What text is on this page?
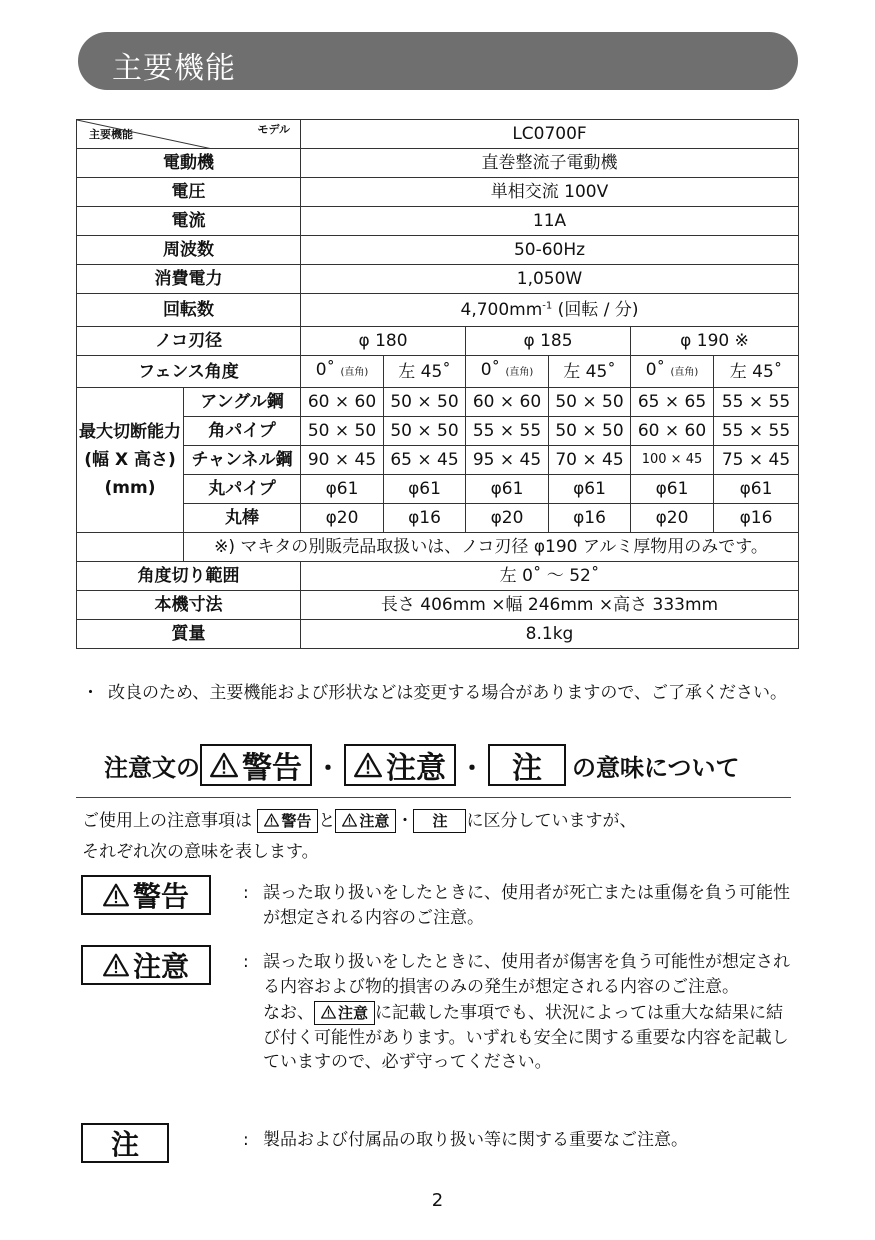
主要機能
モデル
主要機能		LC0700F					
電動機		直巻整流子電動機					
電圧		単相交流 100V					
電流		11A					
周波数		50-60Hz					
消費電力		1,050W					
回転数		$4,700mm^{-1}$ (回転 / 分)					
ノコ刃径		φ 180		φ 185		φ 190 ※	
フェンス角度		0˚ (直角)	左 45˚	0˚ (直角)	左 45˚	0˚ (直角)	左 45˚

最大切断能力
(幅 X 高さ)
(mm)	アングル鋼	60 × 60	50 × 50	60 × 60	50 × 50	65 × 65	55 × 55
	角パイプ	50 × 50	50 × 50	55 × 55	50 × 50	60 × 60	55 × 55
	チャンネル鋼	90 × 45	65 × 45	95 × 45	70 × 45	100 × 45	75 × 45
	丸パイプ	φ61	φ61	φ61	φ61	φ61	φ61
	丸棒	φ20	φ16	φ20	φ16	φ20	φ16
	※) マキタの別販売品取扱いは、ノコ刃径 φ190 アルミ厚物用のみです。						
角度切り範囲		左 0˚ 〜 52˚					
本機寸法		長さ 406mm ×幅 246mm ×高さ 333mm					
質量		8.1kg					
・ 改良のため、主要機能および形状などは変更する場合がありますので、ご了承ください。
注意文の 警告 ・ 注意 ・ 注 の意味について
ご使用上の注意事項は 警告 と 注意 ・ 注 に区分していますが、
それぞれ次の意味を表します。
警告	: 誤った取り扱いをしたときに、使用者が死亡または重傷を負う可能性が想定される内容のご注意。
注意	: 誤った取り扱いをしたときに、使用者が傷害を負う可能性が想定される内容および物的損害のみの発生が想定される内容のご注意。
なお、 注意 に記載した事項でも、状況によっては重大な結果に結び付く可能性があります。いずれも安全に関する重要な内容を記載していますので、必ず守ってください。
注	: 製品および付属品の取り扱い等に関する重要なご注意。
2
